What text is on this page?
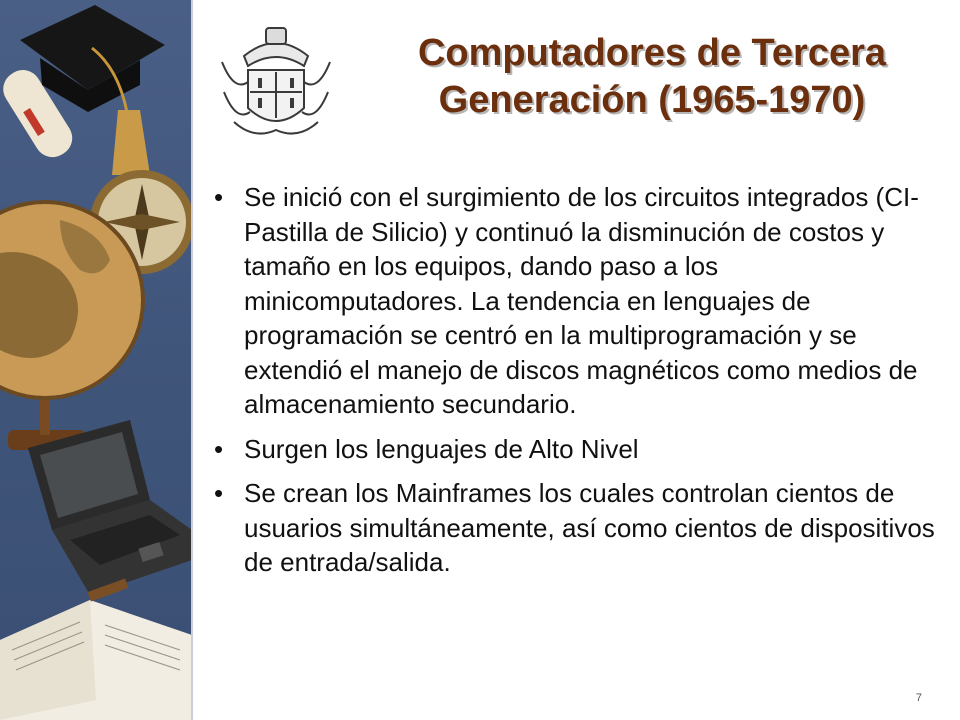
Computadores de Tercera
Generación (1965-1970)
• Se inició con el surgimiento de los circuitos integrados (CI-Pastilla de Silicio) y continuó la disminución de costos y tamaño en los equipos, dando paso a los minicomputadores. La tendencia en lenguajes de programación se centró en la multiprogramación y se extendió el manejo de discos magnéticos como medios de almacenamiento secundario.
• Surgen los lenguajes de Alto Nivel
• Se crean los Mainframes los cuales controlan cientos de usuarios simultáneamente, así como cientos de dispositivos de entrada/salida.
7
